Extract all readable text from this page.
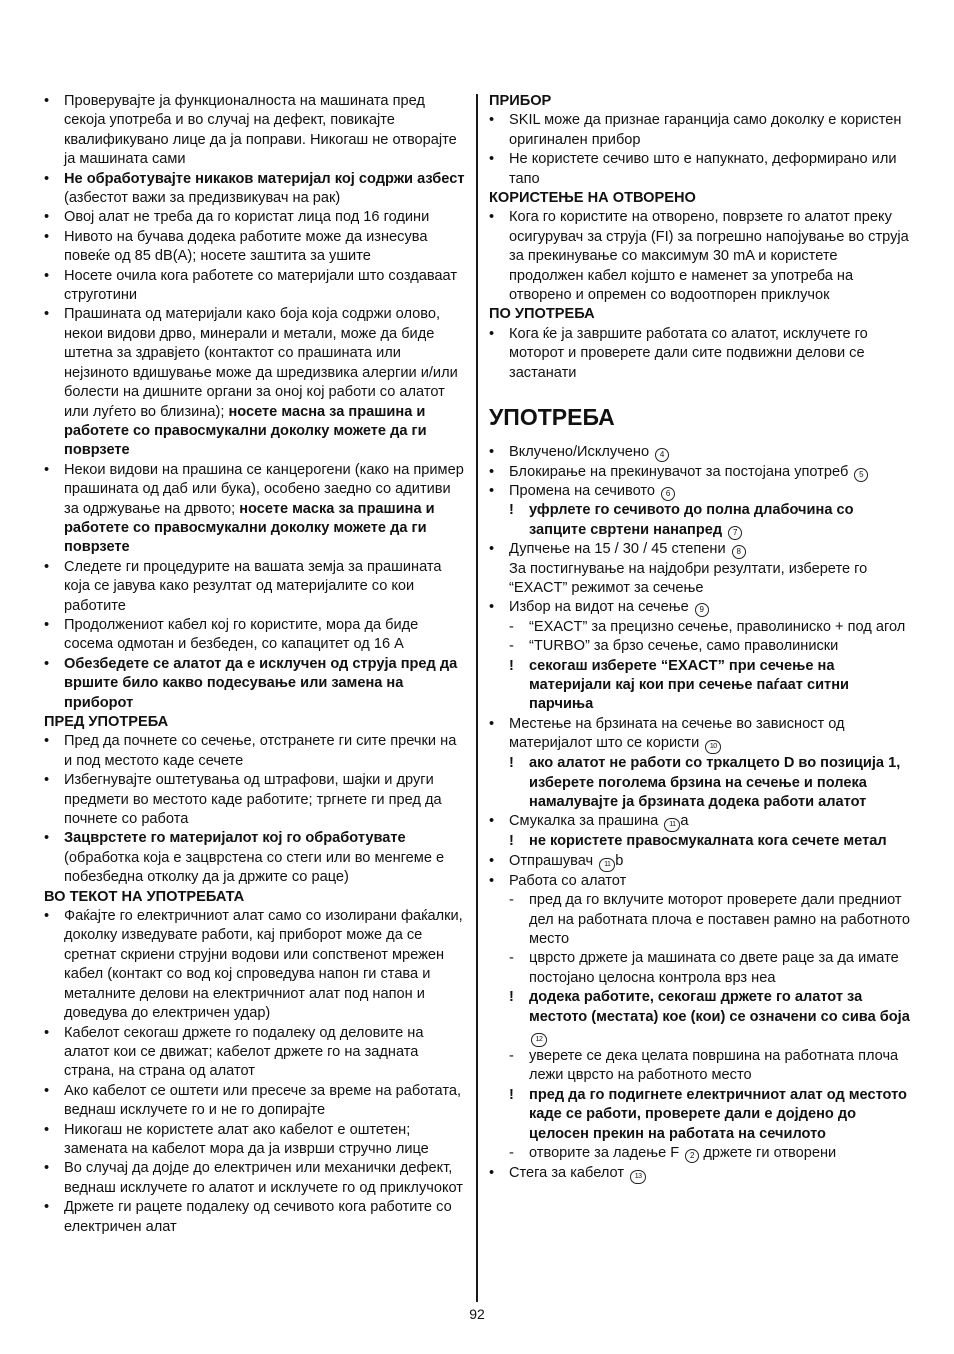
•	Проверувајте ја функционалноста на машината пред секоја употреба и во случај на дефект, повикајте квалификувано лице да ја поправи. Никогаш не отворајте ја машината сами

•	Не обработувајте никаков материјал кој содржи азбест (азбестот важи за предизвикувач на рак)

•	Овој алат не треба да го користат лица под 16 години

•	Нивото на бучава додека работите може да изнесува повеќе од 85 dB(A); носете заштита за ушите

•	Носете очила кога работете со материјали што создаваат струготини

•	Прашината од материјали како боја која содржи олово, некои видови дрво, минерали и метали, може да биде штетна за здравјето (контактот со прашината или нејзиното вдишување може да шредизвика алергии и/или болести на дишните органи за оној кој работи со алатот или луѓето во близина); носете масна за прашина и работете со правосмукални доколку можете да ги поврзете

•	Некои видови на прашина се канцерогени (како на пример прашината од даб или бука), особено заедно со адитиви за одржување на дрвото; носете маска за прашина и работете со правосмукални доколку можете да ги поврзете

•	Следете ги процедурите на вашата земја за прашината која се јавува како резултат од материјалите со кои работите

•	Продолжениот кабел кој го користите, мора да биде сосема одмотан и безбеден, со капацитет од 16 A

•	Обезбедете се алатот да е исклучен од струја пред да вршите било какво подесување или замена на приборот

ПРЕД УПОТРЕБА

•	Пред да почнете со сечење, отстранете ги сите пречки на и под местото каде сечете

•	Избегнувајте оштетувања од штрафови, шајки и други предмети во местото каде работите; тргнете ги пред да почнете со работа

•	Зацврстете го материјалот кој го обработувате (обработка која е зацврстена со стеги или во менгеме е побезбедна отколку да ја држите со раце)

ВО ТЕКОТ НА УПОТРЕБАТА

•	Фаќајте го електричниот алат само со изолирани фаќалки, доколку изведувате работи, кај приборот може да се сретнат скриени струјни водови или сопственот мрежен кабел (контакт со вод кој спроведува напон ги става и металните делови на електричниот алат под напон и доведува до електричен удар)

•	Кабелот секогаш држете го подалеку од деловите на алатот кои се движат; кабелот држете го на задната страна, на страна од алатот

•	Ако кабелот се оштети или пресече за време на работата, веднаш исклучете го и не го допирајте

•	Никогаш не користете алат ако кабелот е оштетен; замената на кабелот мора да ја изврши стручно лице

•	Во случај да дојде до електричен или механички дефект, веднаш исклучете го алатот и исклучете го од приклучокот

•	Држете ги рацете подалеку од сечивото кога работите со електричен алат

ПРИБОР

•	SKIL може да признае гаранција само доколку е користен оригинален прибор

•	Не користете сечиво што е напукнато, деформирано или тапо

КОРИСТЕЊЕ НА ОТВОРЕНО

•	Кога го користите на отворено, поврзете го алатот преку осигурувач за струја (FI) за погрешно напојување во струја за прекинување со максимум 30 mA и користете продолжен кабел којшто е наменет за употреба на отворено и опремен со водоотпорен приклучок

ПО УПОТРЕБА

•	Кога ќе ја завршите работата со алатот, исклучете го моторот и проверете дали сите подвижни делови се застанати

УПОТРЕБА

•	Вклучено/Исклучено 4

•	Блокирање на прекинувачот за постојана употреб 5

•	Промена на сечивото 6

!	уфрлете го сечивото до полна длабочина со запците свртени нанапред 7

•	Дупчење на 15 / 30 / 45 степени 8
За постигнување на најдобри резултати, изберете го “EXACT” режимот за сечење

•	Избор на видот на сечење 9

-	“EXACT” за прецизно сечење, праволиниско + под агол

-	“TURBO” за брзо сечење, само праволиниски

!	секогаш изберете “EXACT” при сечење на материјали кај кои при сечење паѓаат ситни парчиња

•	Местење на брзината на сечење во зависност од материјалот што се користи 10

!	ако алатот не работи со тркалцето D во позиција 1, изберете поголема брзина на сечење и полека намалувајте ја брзината додека работи алатот

•	Смукалка за прашина 11 a

!	не користете правосмукалната кога сечете метал

•	Отпрашувач 11 b

•	Работа со алатот

-	пред да го вклучите моторот проверете дали предниот дел на работната плоча е поставен рамно на работното место

-	цврсто држете ја машината со двете раце за да имате постојано целосна контрола врз неа

!	додека работите, секогаш држете го алатот за местото (местата) кое (кои) се означени со сива боја 12

-	уверете се дека целата површина на работната плоча лежи цврсто на работното место

!	пред да го подигнете електричниот алат од местото каде се работи, проверете дали е дојдено до целосен прекин на работата на сечилото

-	отворите за ладење F 2 држете ги отворени

•	Стега за кабелот 13

92
